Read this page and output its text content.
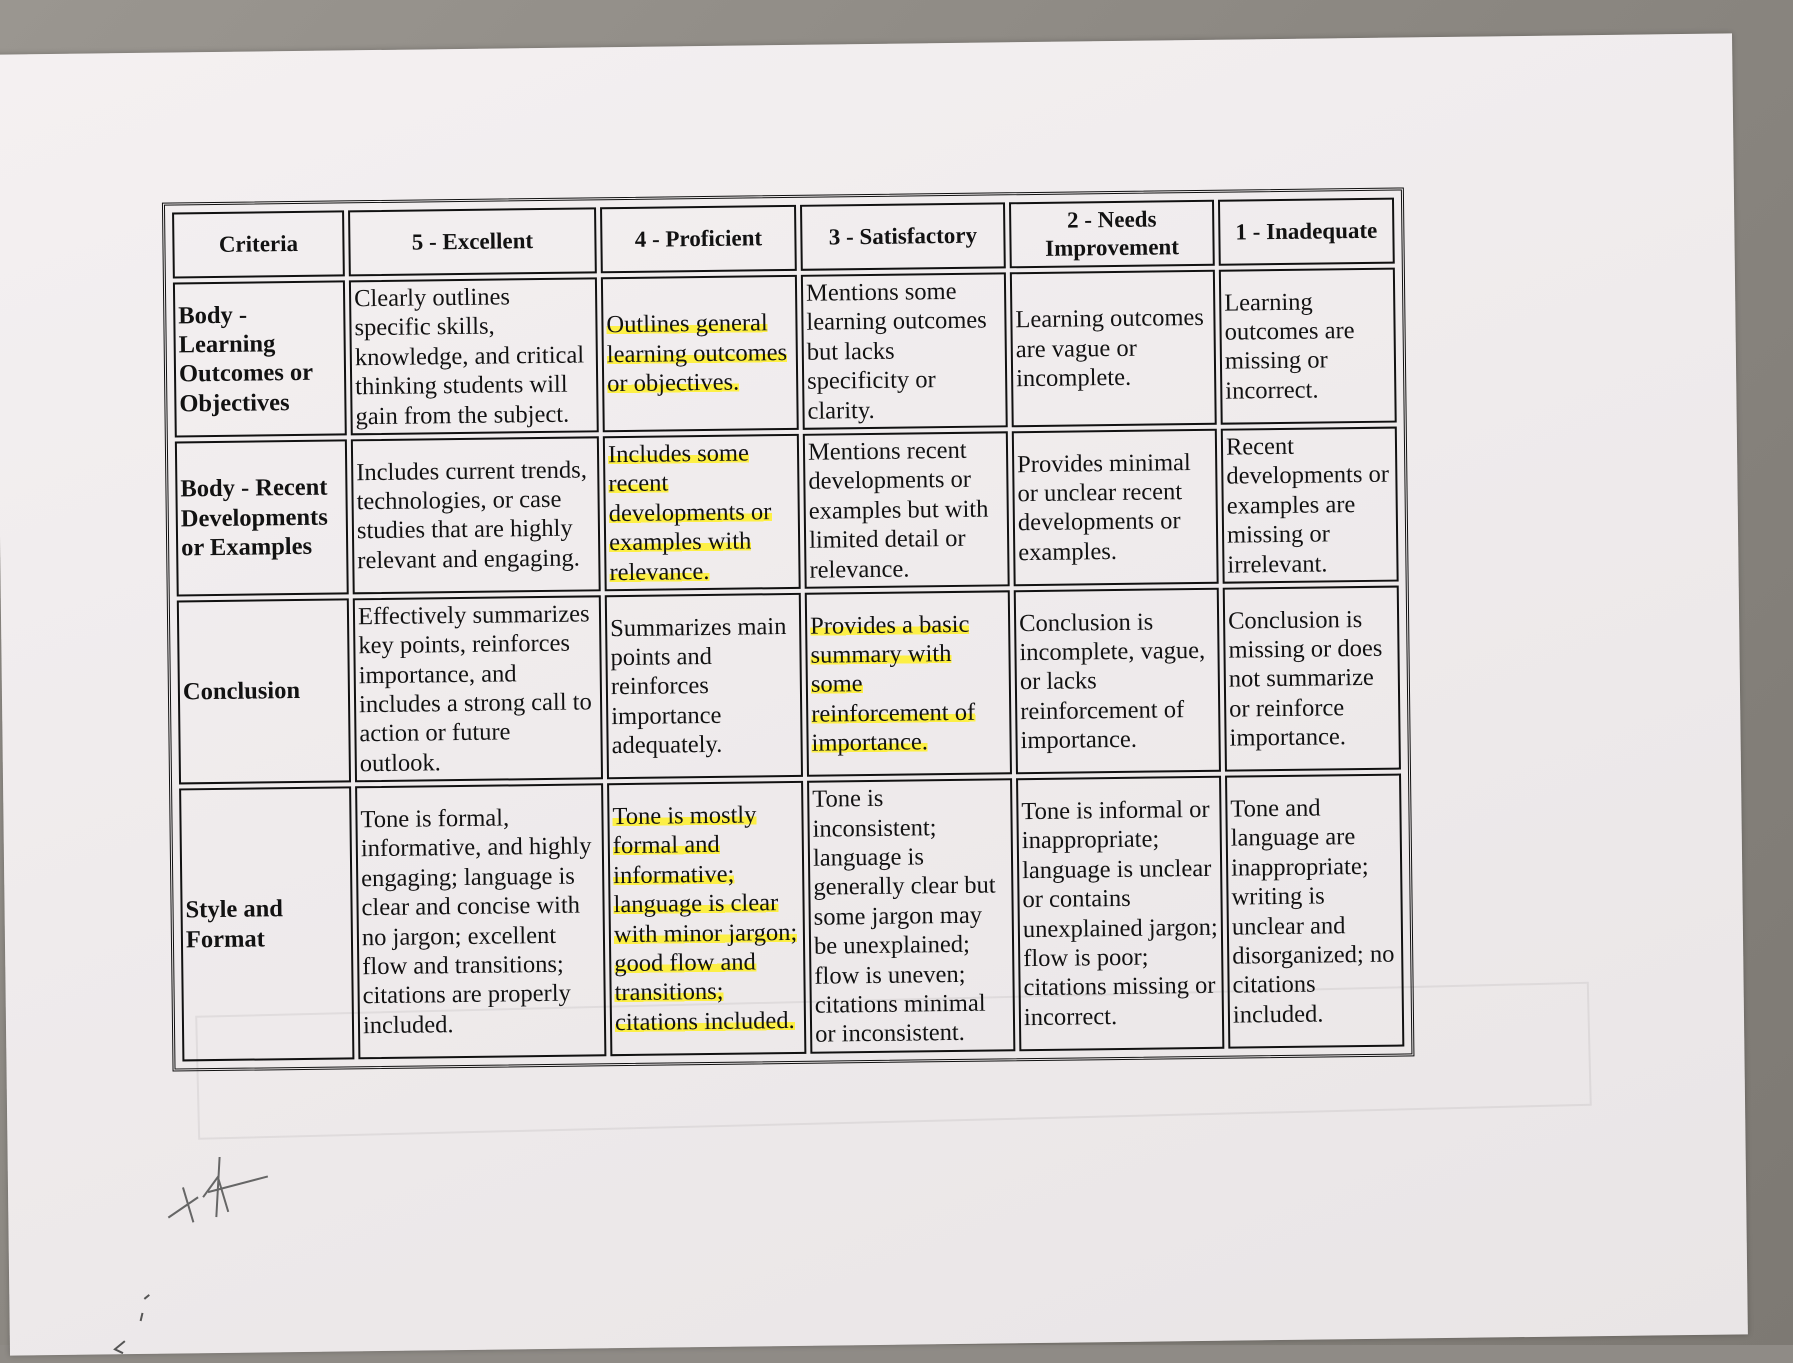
Criteria	5 - Excellent	4 - Proficient	3 - Satisfactory	2 - Needs Improvement	1 - Inadequate
Body - Learning Outcomes or Objectives	Clearly outlines specific skills, knowledge, and critical thinking students will gain from the subject.	Outlines general learning outcomes or objectives.	Mentions some learning outcomes but lacks specificity or clarity.	Learning outcomes are vague or incomplete.	Learning outcomes are missing or incorrect.
Body - Recent Developments or Examples	Includes current trends, technologies, or case studies that are highly relevant and engaging.	Includes some recent developments or examples with relevance.	Mentions recent developments or examples but with limited detail or relevance.	Provides minimal or unclear recent developments or examples.	Recent developments or examples are missing or irrelevant.
Conclusion	Effectively summarizes key points, reinforces importance, and includes a strong call to action or future outlook.	Summarizes main points and reinforces importance adequately.	Provides a basic summary with some reinforcement of importance.	Conclusion is incomplete, vague, or lacks reinforcement of importance.	Conclusion is missing or does not summarize or reinforce importance.
Style and Format	Tone is formal, informative, and highly engaging; language is clear and concise with no jargon; excellent flow and transitions; citations are properly included.	Tone is mostly formal and informative; language is clear with minor jargon; good flow and transitions; citations included.	Tone is inconsistent; language is generally clear but some jargon may be unexplained; flow is uneven; citations minimal or inconsistent.	Tone is informal or inappropriate; language is unclear or contains unexplained jargon; flow is poor; citations missing or incorrect.	Tone and language are inappropriate; writing is unclear and disorganized; no citations included.
